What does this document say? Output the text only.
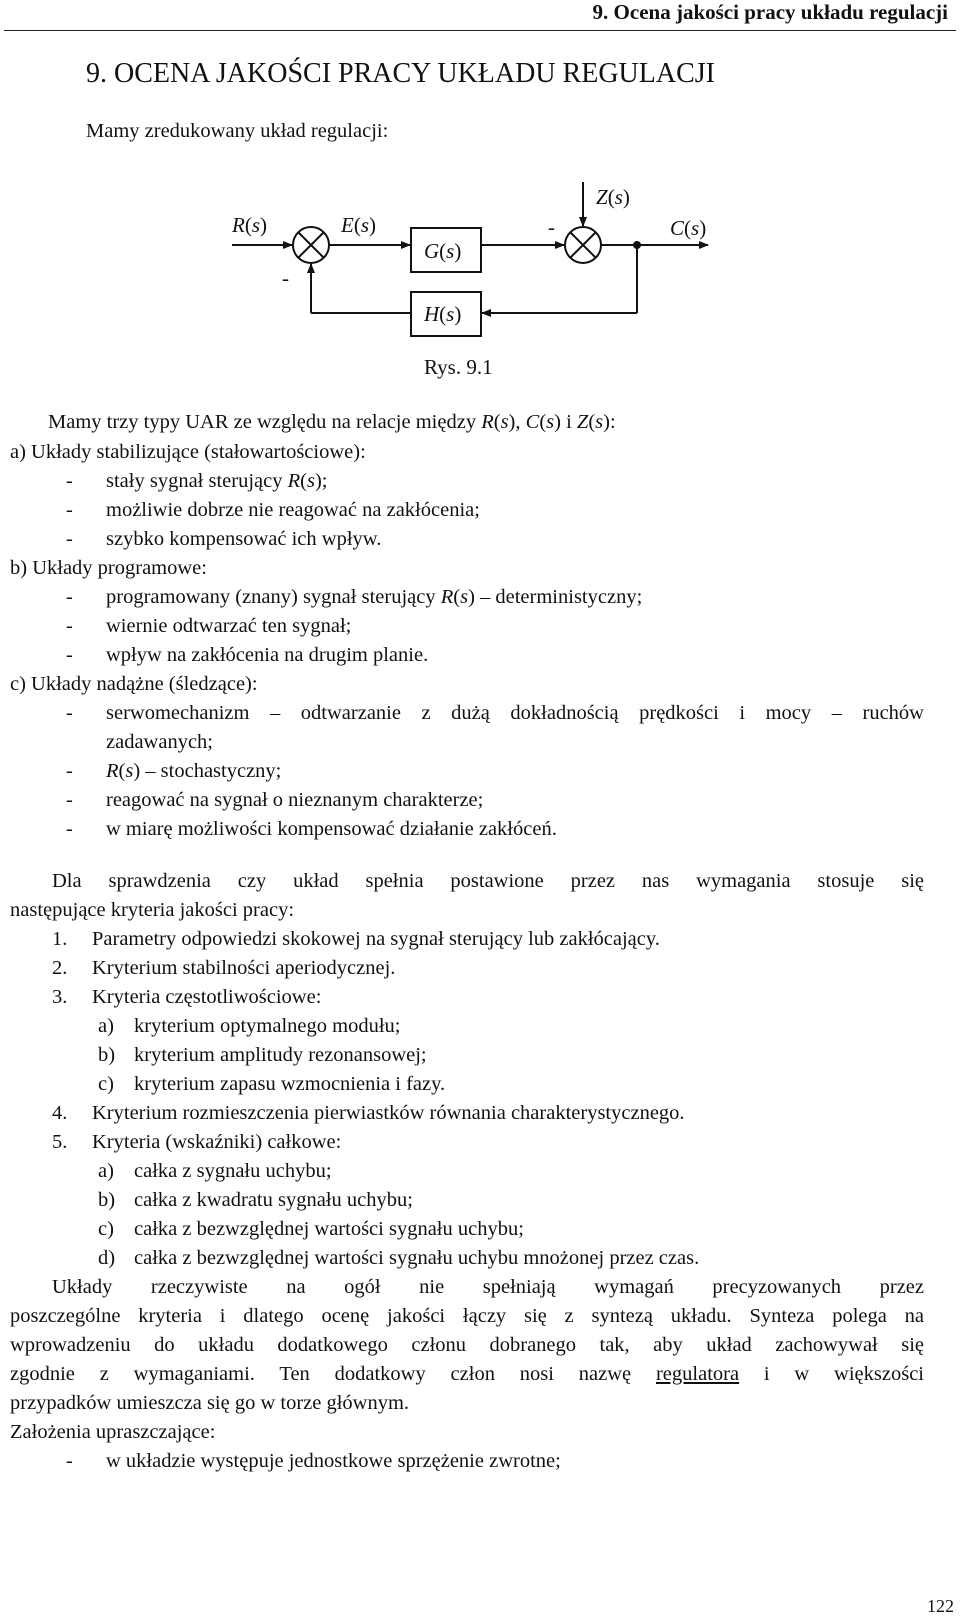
9. Ocena jakości pracy układu regulacji
9. OCENA JAKOŚCI PRACY UKŁADU REGULACJI
Mamy zredukowany układ regulacji:
R(s)
-
E(s)
G(s)
H(s)
Z(s)
-	C(s)
Rys. 9.1
Mamy trzy typy UAR ze względu na relacje między R(s), C(s) i Z(s):
a) Układy stabilizujące (stałowartościowe):
- stały sygnał sterujący R(s);
- możliwie dobrze nie reagować na zakłócenia;
- szybko kompensować ich wpływ.
b) Układy programowe:
- programowany (znany) sygnał sterujący R(s) – deterministyczny;
- wiernie odtwarzać ten sygnał;
- wpływ na zakłócenia na drugim planie.
c) Układy nadążne (śledzące):
- serwomechanizm – odtwarzanie z dużą dokładnością prędkości i mocy – ruchów
zadawanych;
- R(s) – stochastyczny;
- reagować na sygnał o nieznanym charakterze;
- w miarę możliwości kompensować działanie zakłóceń.
Dla sprawdzenia czy układ spełnia postawione przez nas wymagania stosuje się
następujące kryteria jakości pracy:
1. Parametry odpowiedzi skokowej na sygnał sterujący lub zakłócający.
2. Kryterium stabilności aperiodycznej.
3. Kryteria częstotliwościowe:
a) kryterium optymalnego modułu;
b) kryterium amplitudy rezonansowej;
c) kryterium zapasu wzmocnienia i fazy.
4. Kryterium rozmieszczenia pierwiastków równania charakterystycznego.
5. Kryteria (wskaźniki) całkowe:
a) całka z sygnału uchybu;
b) całka z kwadratu sygnału uchybu;
c) całka z bezwzględnej wartości sygnału uchybu;
d) całka z bezwzględnej wartości sygnału uchybu mnożonej przez czas.
Układy rzeczywiste na ogół nie spełniają wymagań precyzowanych przez
poszczególne kryteria i dlatego ocenę jakości łączy się z syntezą układu. Synteza polega na
wprowadzeniu do układu dodatkowego członu dobranego tak, aby układ zachowywał się
zgodnie z wymaganiami. Ten dodatkowy człon nosi nazwę regulatora i w większości
przypadków umieszcza się go w torze głównym.
Założenia upraszczające:
- w układzie występuje jednostkowe sprzężenie zwrotne;
122
